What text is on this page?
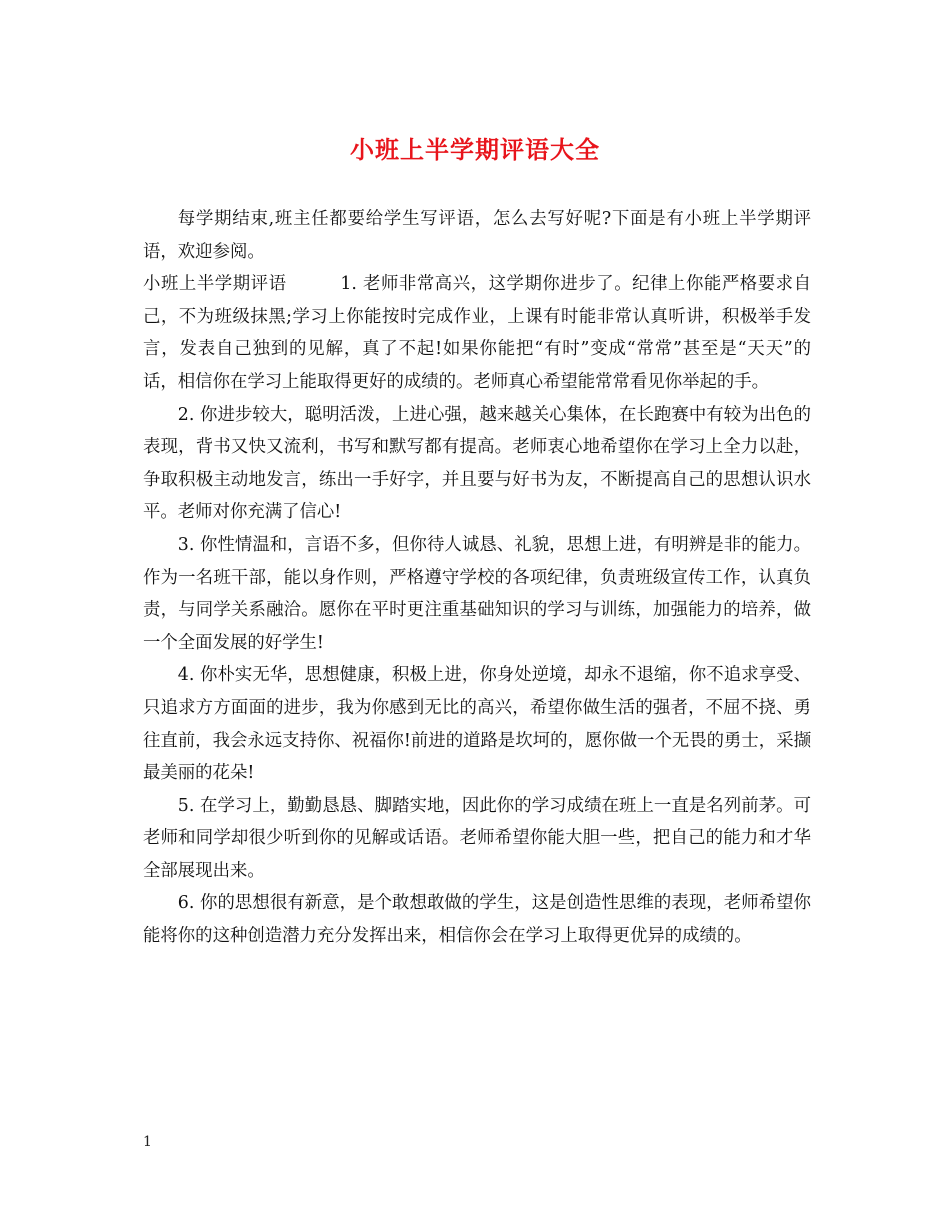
小班上半学期评语大全

每学期结束,班主任都要给学生写评语，怎么去写好呢?下面是有小班上半学期评语，欢迎参阅。

小班上半学期评语　　　1. 老师非常高兴，这学期你进步了。纪律上你能严格要求自己，不为班级抹黑;学习上你能按时完成作业，上课有时能非常认真听讲，积极举手发言，发表自己独到的见解，真了不起!如果你能把“有时”变成“常常”甚至是“天天”的话，相信你在学习上能取得更好的成绩的。老师真心希望能常常看见你举起的手。

2. 你进步较大，聪明活泼，上进心强，越来越关心集体，在长跑赛中有较为出色的表现，背书又快又流利，书写和默写都有提高。老师衷心地希望你在学习上全力以赴，争取积极主动地发言，练出一手好字，并且要与好书为友，不断提高自己的思想认识水平。老师对你充满了信心!

3. 你性情温和，言语不多，但你待人诚恳、礼貌，思想上进，有明辨是非的能力。作为一名班干部，能以身作则，严格遵守学校的各项纪律，负责班级宣传工作，认真负责，与同学关系融洽。愿你在平时更注重基础知识的学习与训练，加强能力的培养，做一个全面发展的好学生!

4. 你朴实无华，思想健康，积极上进，你身处逆境，却永不退缩，你不追求享受、只追求方方面面的进步，我为你感到无比的高兴，希望你做生活的强者，不屈不挠、勇往直前，我会永远支持你、祝福你!前进的道路是坎坷的，愿你做一个无畏的勇士，采撷最美丽的花朵!

5. 在学习上，勤勤恳恳、脚踏实地，因此你的学习成绩在班上一直是名列前茅。可老师和同学却很少听到你的见解或话语。老师希望你能大胆一些，把自己的能力和才华全部展现出来。

6. 你的思想很有新意，是个敢想敢做的学生，这是创造性思维的表现，老师希望你能将你的这种创造潜力充分发挥出来，相信你会在学习上取得更优异的成绩的。

1
